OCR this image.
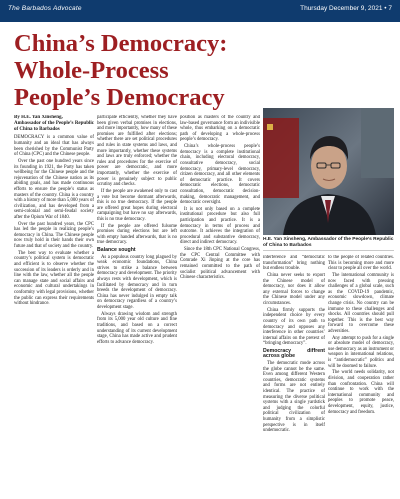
The Barbados Advocate	Thursday December 9, 2021 • 7
China’s Democracy:
Whole-Process
People’s Democracy
By H.E. Yan Xinsheng,
Ambassador of the People’s Republic of China to Barbados

DEMOCRACY is a common value of humanity and an ideal that has always been cherished by the Communist Party of China (CPC) and the Chinese people.

Over the past one hundred years since its founding in 1921, the Party has taken wellbeing for the Chinese people and the rejuvenation of the Chinese nation as its abiding goals, and has made continuous efforts to ensure the people’s status as masters of the country. China is a country with a history of more than 5,000 years of civilization, and has developed from a semi-colonial and semi-feudal society after the Opium War of 1840.

Over the past hundred years, the CPC has led the people in realizing people’s democracy in China. The Chinese people now truly hold in their hands their own future and that of society and the country.

The best way to evaluate whether a country’s political system is democratic and efficient is to observe whether the succession of its leaders is orderly and in line with the law, whether all the people can manage state and social affairs and economic and cultural undertakings in conformity with legal provisions, whether the public can express their requirements without hindrance.

participate efficiently, whether they have been given verbal promises in elections, and more importantly, how many of these promises are fulfilled after elections; whether there are set political procedures and rules in state systems and laws, and more importantly, whether these systems and laws are truly enforced; whether the rules and procedures for the exercise of power are democratic, and more importantly, whether the exercise of power is genuinely subject to public scrutiny and checks.

If the people are awakened only to cast a vote but become dormant afterwards, this is no true democracy. If the people are offered great hopes during electoral campaigning but have no say afterwards, this is no true democracy.

If the people are offered fulsome promises during elections but are left with empty handed afterwards, that is no true democracy.

Balance sought

As a populous country long plagued by weak economic foundations, China strives to strike a balance between democracy and development. The priority always rests with development, which is facilitated by democracy and in turn breeds the development of democracy. China has never indulged in empty talk on democracy regardless of a country’s development stage.

Always drawing wisdom and strength from its 5,000 year old culture and fine traditions, and based on a correct understanding of its current development stage, China has made active and prudent efforts to advance democracy.

position as masters of the country and law-based governance form an indivisible whole, thus embarking on a democratic path of developing a whole-process people’s democracy.

China’s whole-process people’s democracy is a complete institutional chain, including electoral democracy, consultative democracy, social democracy, primary-level democracy, citizen democracy, and all other elements of democratic practice. It covers democratic elections, democratic consultation, democratic decision-making, democratic management, and democratic oversight.

It is not only based on a complete institutional procedure but also full participation and practice. It is a democracy in terms of process and outcome. It achieves the integration of procedural and substantive democracy, direct and indirect democracy.

Since the 18th CPC National Congress, the CPC Central Committee with Comrade Xi Jinping at the core has remained committed to the path of socialist political advancement with Chinese characteristics.

H.E. Yan Xinsheng, Ambassador of the People’s Republic of China to Barbados

interference and “democratic transformation” bring nothing but endless trouble.

China never seeks to export the Chinese model of democracy, nor does it allow any external forces to change the Chinese model under any circumstances.

China firmly supports the independent choice by every country of its own path to democracy and opposes any interference in other countries’ internal affairs on the pretext of “bringing democracy”.

Democracy diffrent across globe

The democratic mode across the globe cannot be the same. Even among different Western countries, democratic systems and forms are not entirely identical. The practice of measuring the diverse political systems with a single yardstick and judging the colorful political civilization of humanity from a simplistic perspective is in itself undemocratic.

to the people of related countries. This is becoming more and more clear to people all over the world.

The international community is now faced with pressing challenges of a global scale, such as the COVID-19 pandemic, economic slowdown, climate change crisis. No country can be immune to these challenges and shocks. All countries should pull together. This is the best way forward to overcome these adversities.

Any attempt to push for a single or absolute model of democracy, use democracy as an instrument or weapon in international relations, is “antidemocratic” politics and will be doomed to failure.

The world needs solidarity, not division, and cooperation rather than confrontation. China will continue to work with the international community and peoples to promote peace, development, equity, justice, democracy and freedom.
